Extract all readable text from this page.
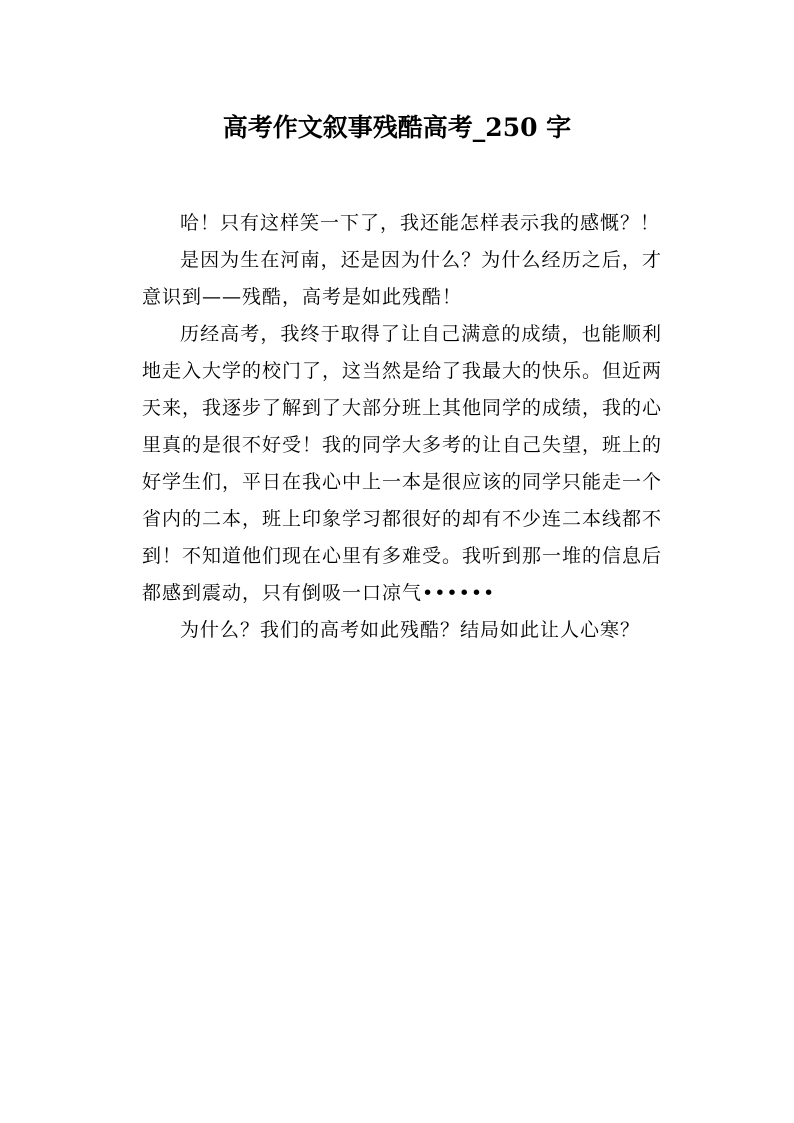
高考作文叙事残酷高考_250 字

哈！只有这样笑一下了，我还能怎样表示我的感慨？！

是因为生在河南，还是因为什么？为什么经历之后，才意识到——残酷，高考是如此残酷！

历经高考，我终于取得了让自己满意的成绩，也能顺利地走入大学的校门了，这当然是给了我最大的快乐。但近两天来，我逐步了解到了大部分班上其他同学的成绩，我的心里真的是很不好受！我的同学大多考的让自己失望，班上的好学生们，平日在我心中上一本是很应该的同学只能走一个省内的二本，班上印象学习都很好的却有不少连二本线都不到！不知道他们现在心里有多难受。我听到那一堆的信息后都感到震动，只有倒吸一口凉气••••••

为什么？我们的高考如此残酷？结局如此让人心寒？
